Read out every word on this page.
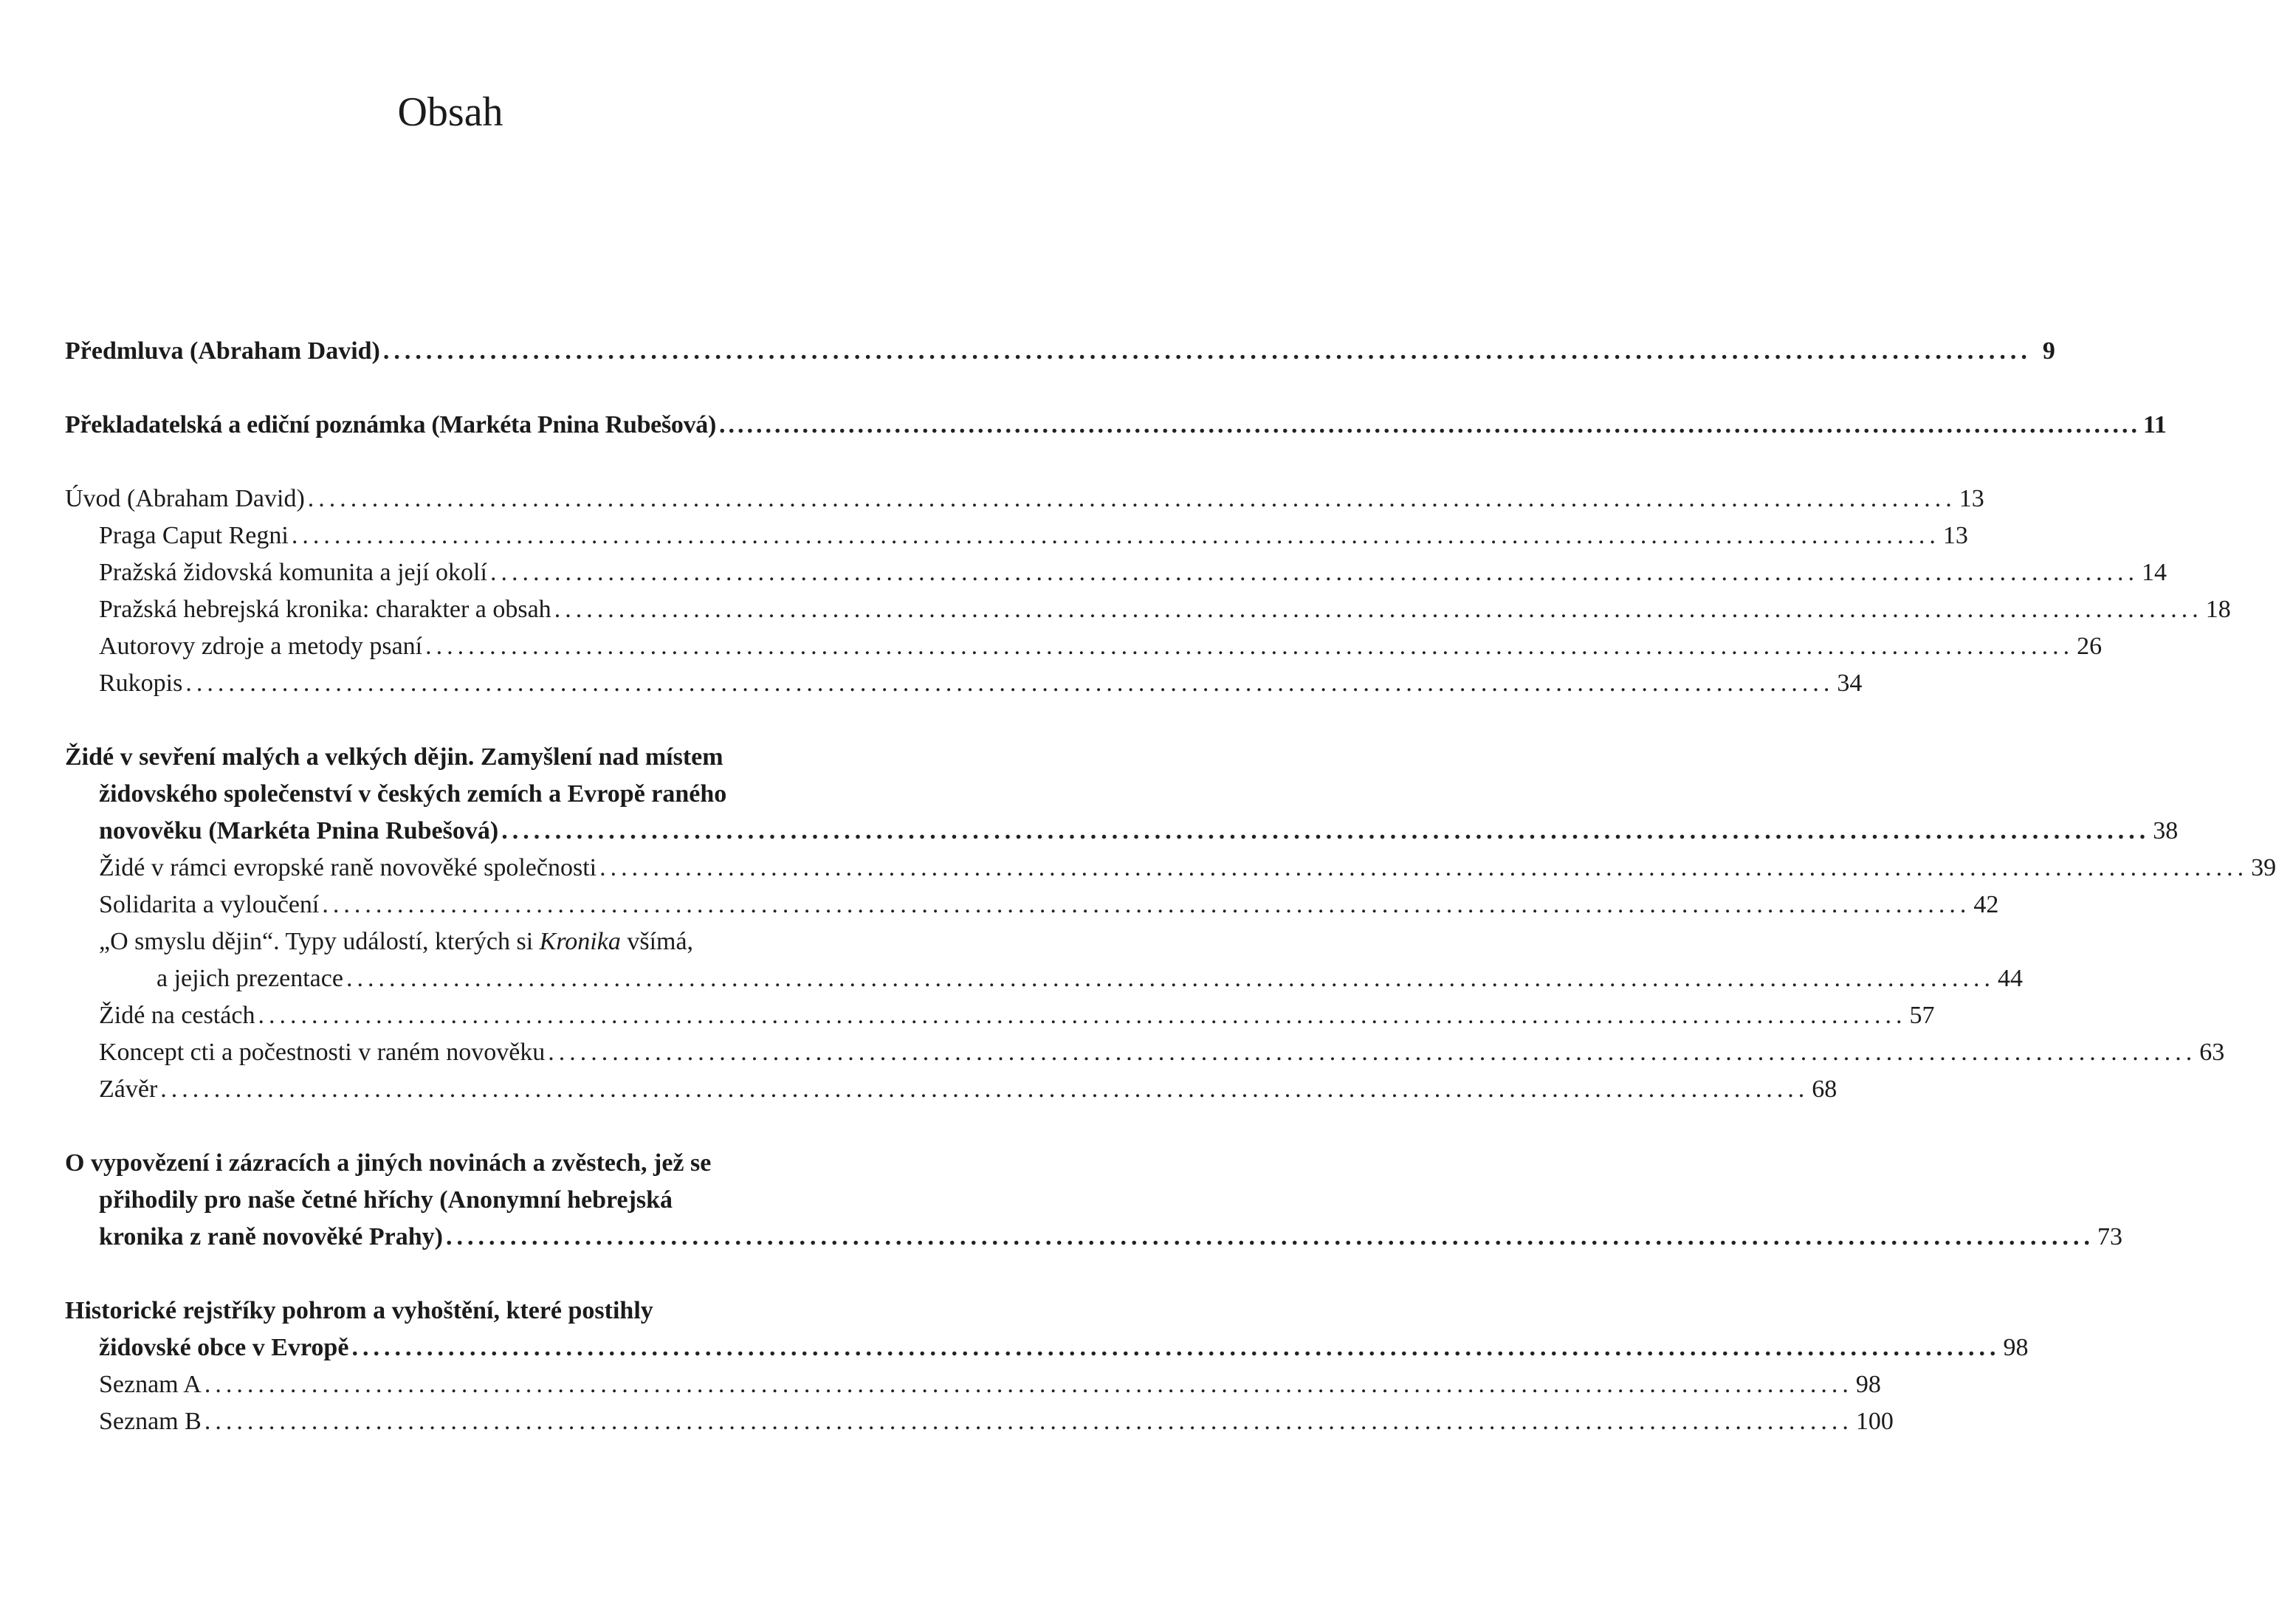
Obsah
Předmluva (Abraham David) .......................................................................................................................................................... 9
Překladatelská a ediční poznámka (Markéta Pnina Rubešová) .......................................................................................................................................................... 11
Úvod (Abraham David) .......................................................................................................................................................... 13
Praga Caput Regni .......................................................................................................................................................... 13
Pražská židovská komunita a její okolí .......................................................................................................................................................... 14
Pražská hebrejská kronika: charakter a obsah .......................................................................................................................................................... 18
Autorovy zdroje a metody psaní .......................................................................................................................................................... 26
Rukopis .......................................................................................................................................................... 34
Židé v sevření malých a velkých dějin. Zamyšlení nad místem
židovského společenství v českých zemích a Evropě raného
novověku (Markéta Pnina Rubešová) .......................................................................................................................................................... 38
Židé v rámci evropské raně novověké společnosti .......................................................................................................................................................... 39
Solidarita a vyloučení .......................................................................................................................................................... 42
„O smyslu dějin“. Typy událostí, kterých si Kronika všímá,
a jejich prezentace .......................................................................................................................................................... 44
Židé na cestách .......................................................................................................................................................... 57
Koncept cti a počestnosti v raném novověku .......................................................................................................................................................... 63
Závěr .......................................................................................................................................................... 68
O vypovězení i zázracích a jiných novinách a zvěstech, jež se
přihodily pro naše četné hříchy (Anonymní hebrejská
kronika z raně novověké Prahy) .......................................................................................................................................................... 73
Historické rejstříky pohrom a vyhoštění, které postihly
židovské obce v Evropě .......................................................................................................................................................... 98
Seznam A .......................................................................................................................................................... 98
Seznam B .......................................................................................................................................................... 100
